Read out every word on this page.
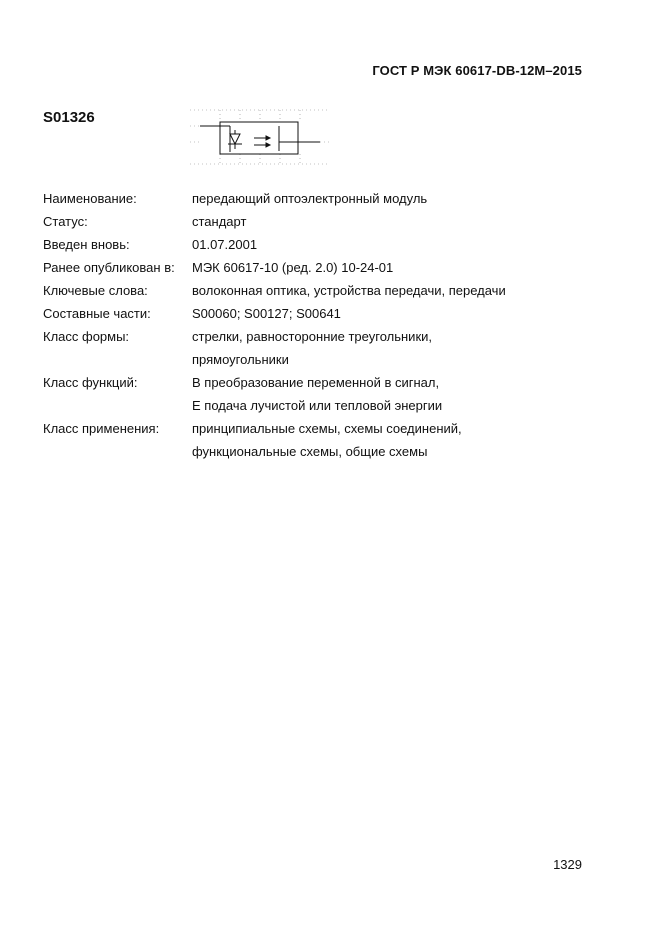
ГОСТ Р МЭК 60617-DB-12M–2015
S01326
Наименование:	передающий оптоэлектронный модуль
Статус:	стандарт
Введен вновь:	01.07.2001
Ранее опубликован в:	МЭК 60617-10 (ред. 2.0) 10-24-01
Ключевые слова:	волоконная оптика, устройства передачи, передачи
Составные части:	S00060; S00127; S00641
Класс формы:	стрелки, равносторонние треугольники,
прямоугольники
Класс функций:	В преобразование переменной в сигнал,
Е подача лучистой или тепловой энергии
Класс применения:	принципиальные схемы, схемы соединений,
функциональные схемы, общие схемы
1329
